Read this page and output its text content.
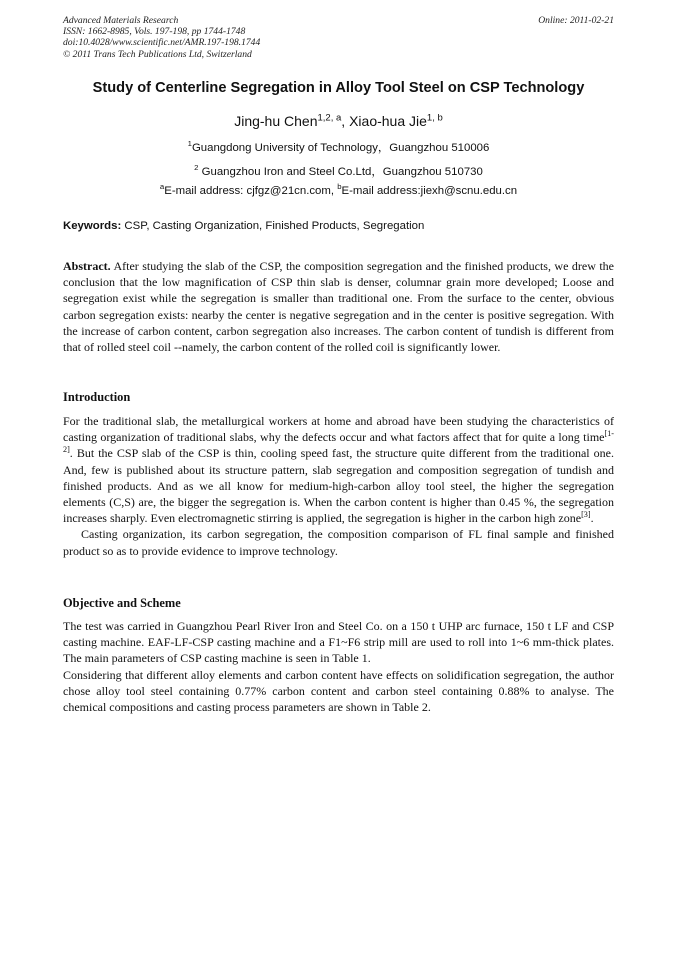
Advanced Materials Research
ISSN: 1662-8985, Vols. 197-198, pp 1744-1748
doi:10.4028/www.scientific.net/AMR.197-198.1744
© 2011 Trans Tech Publications Ltd, Switzerland
Online: 2011-02-21
Study of Centerline Segregation in Alloy Tool Steel on CSP Technology
Jing-hu Chen$^{1,2, a}$, Xiao-hua Jie$^{1, b}$
$^1$Guangdong University of Technology，Guangzhou 510006
$^2$ Guangzhou Iron and Steel Co.Ltd，Guangzhou 510730
$^a$E-mail address: cjfgz@21cn.com, $^b$E-mail address:jiexh@scnu.edu.cn
Keywords: CSP, Casting Organization, Finished Products, Segregation

Abstract. After studying the slab of the CSP, the composition segregation and the finished products, we drew the conclusion that the low magnification of CSP thin slab is denser, columnar grain more developed; Loose and segregation exist while the segregation is smaller than traditional one. From the surface to the center, obvious carbon segregation exists: nearby the center is negative segregation and in the center is positive segregation. With the increase of carbon content, carbon segregation also increases. The carbon content of tundish is different from that of rolled steel coil --namely, the carbon content of the rolled coil is significantly lower.

Introduction

For the traditional slab, the metallurgical workers at home and abroad have been studying the characteristics of casting organization of traditional slabs, why the defects occur and what factors affect that for quite a long time[1-2]. But the CSP slab of the CSP is thin, cooling speed fast, the structure quite different from the traditional one. And, few is published about its structure pattern, slab segregation and composition segregation of tundish and finished products. And as we all know for medium-high-carbon alloy tool steel, the higher the segregation elements (C,S) are, the bigger the segregation is. When the carbon content is higher than 0.45 %, the segregation increases sharply. Even electromagnetic stirring is applied, the segregation is higher in the carbon high zone[3].

Casting organization, its carbon segregation, the composition comparison of FL final sample and finished product so as to provide evidence to improve technology.

Objective and Scheme

The test was carried in Guangzhou Pearl River Iron and Steel Co. on a 150 t UHP arc furnace, 150 t LF and CSP casting machine. EAF-LF-CSP casting machine and a F1~F6 strip mill are used to roll into 1~6 mm-thick plates. The main parameters of CSP casting machine is seen in Table 1.

Considering that different alloy elements and carbon content have effects on solidification segregation, the author chose alloy tool steel containing 0.77% carbon content and carbon steel containing 0.88% to analyse. The chemical compositions and casting process parameters are shown in Table 2.
